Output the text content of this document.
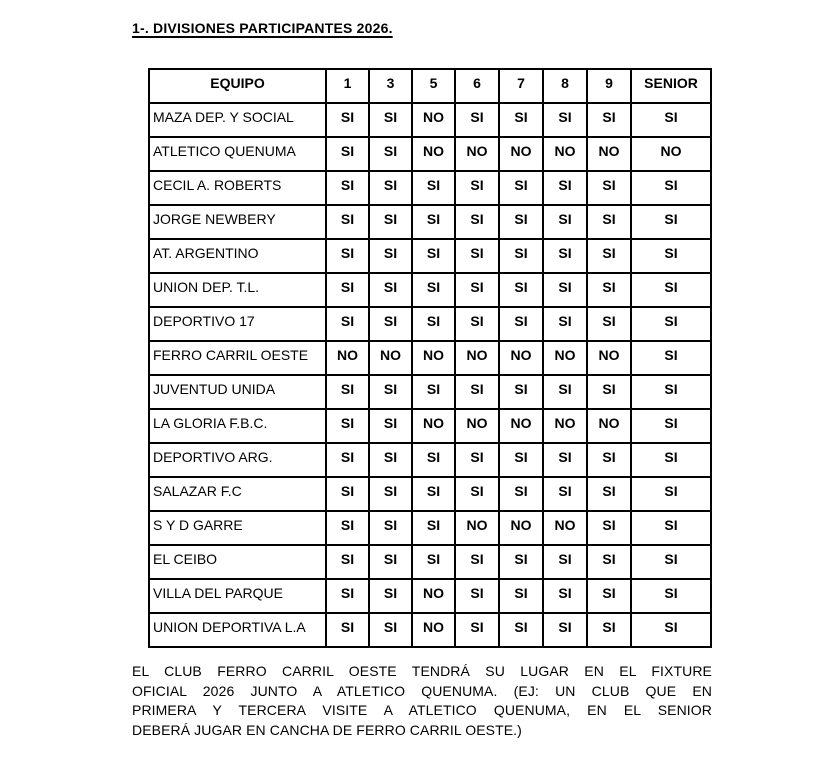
1-. DIVISIONES PARTICIPANTES 2026.
EQUIPO	1	3	5	6	7	8	9	SENIOR
MAZA DEP. Y SOCIAL	SI	SI	NO	SI	SI	SI	SI	SI
ATLETICO QUENUMA	SI	SI	NO	NO	NO	NO	NO	NO
CECIL A. ROBERTS	SI	SI	SI	SI	SI	SI	SI	SI
JORGE NEWBERY	SI	SI	SI	SI	SI	SI	SI	SI
AT. ARGENTINO	SI	SI	SI	SI	SI	SI	SI	SI
UNION DEP. T.L.	SI	SI	SI	SI	SI	SI	SI	SI
DEPORTIVO 17	SI	SI	SI	SI	SI	SI	SI	SI
FERRO CARRIL OESTE	NO	NO	NO	NO	NO	NO	NO	SI
JUVENTUD UNIDA	SI	SI	SI	SI	SI	SI	SI	SI
LA GLORIA F.B.C.	SI	SI	NO	NO	NO	NO	NO	SI
DEPORTIVO ARG.	SI	SI	SI	SI	SI	SI	SI	SI
SALAZAR F.C	SI	SI	SI	SI	SI	SI	SI	SI
S Y D GARRE	SI	SI	SI	NO	NO	NO	SI	SI
EL CEIBO	SI	SI	SI	SI	SI	SI	SI	SI
VILLA DEL PARQUE	SI	SI	NO	SI	SI	SI	SI	SI
UNION DEPORTIVA L.A	SI	SI	NO	SI	SI	SI	SI	SI
EL CLUB FERRO CARRIL OESTE TENDRÁ SU LUGAR EN EL FIXTURE
OFICIAL 2026 JUNTO A ATLETICO QUENUMA. (EJ: UN CLUB QUE EN
PRIMERA Y TERCERA VISITE A ATLETICO QUENUMA, EN EL SENIOR
DEBERÁ JUGAR EN CANCHA DE FERRO CARRIL OESTE.)
